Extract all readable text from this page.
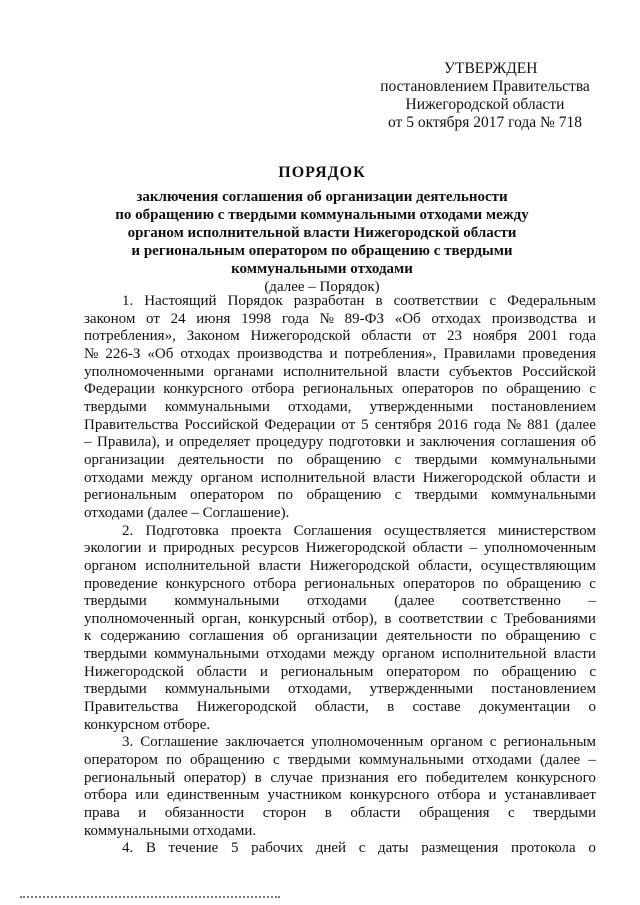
УТВЕРЖДЕН
постановлением Правительства
Нижегородской области
от 5 октября 2017 года № 718
ПОРЯДОК
заключения соглашения об организации деятельности
по обращению с твердыми коммунальными отходами между
органом исполнительной власти Нижегородской области
и региональным оператором по обращению с твердыми
коммунальными отходами
(далее – Порядок)
1. Настоящий Порядок разработан в соответствии с Федеральным
законом от 24 июня 1998 года № 89-ФЗ «Об отходах производства и
потребления», Законом Нижегородской области от 23 ноября 2001 года
№ 226-З «Об отходах производства и потребления», Правилами проведения
уполномоченными органами исполнительной власти субъектов Российской
Федерации конкурсного отбора региональных операторов по обращению с
твердыми коммунальными отходами, утвержденными постановлением
Правительства Российской Федерации от 5 сентября 2016 года № 881 (далее
– Правила), и определяет процедуру подготовки и заключения соглашения об
организации деятельности по обращению с твердыми коммунальными
отходами между органом исполнительной власти Нижегородской области и
региональным оператором по обращению с твердыми коммунальными
отходами (далее – Соглашение).
2. Подготовка проекта Соглашения осуществляется министерством
экологии и природных ресурсов Нижегородской области – уполномоченным
органом исполнительной власти Нижегородской области, осуществляющим
проведение конкурсного отбора региональных операторов по обращению с
твердыми коммунальными отходами (далее соответственно –
уполномоченный орган, конкурсный отбор), в соответствии с Требованиями
к содержанию соглашения об организации деятельности по обращению с
твердыми коммунальными отходами между органом исполнительной власти
Нижегородской области и региональным оператором по обращению с
твердыми коммунальными отходами, утвержденными постановлением
Правительства Нижегородской области, в составе документации о
конкурсном отборе.
3. Соглашение заключается уполномоченным органом с региональным
оператором по обращению с твердыми коммунальными отходами (далее –
региональный оператор) в случае признания его победителем конкурсного
отбора или единственным участником конкурсного отбора и устанавливает
права и обязанности сторон в области обращения с твердыми
коммунальными отходами.
4. В течение 5 рабочих дней с даты размещения протокола о
